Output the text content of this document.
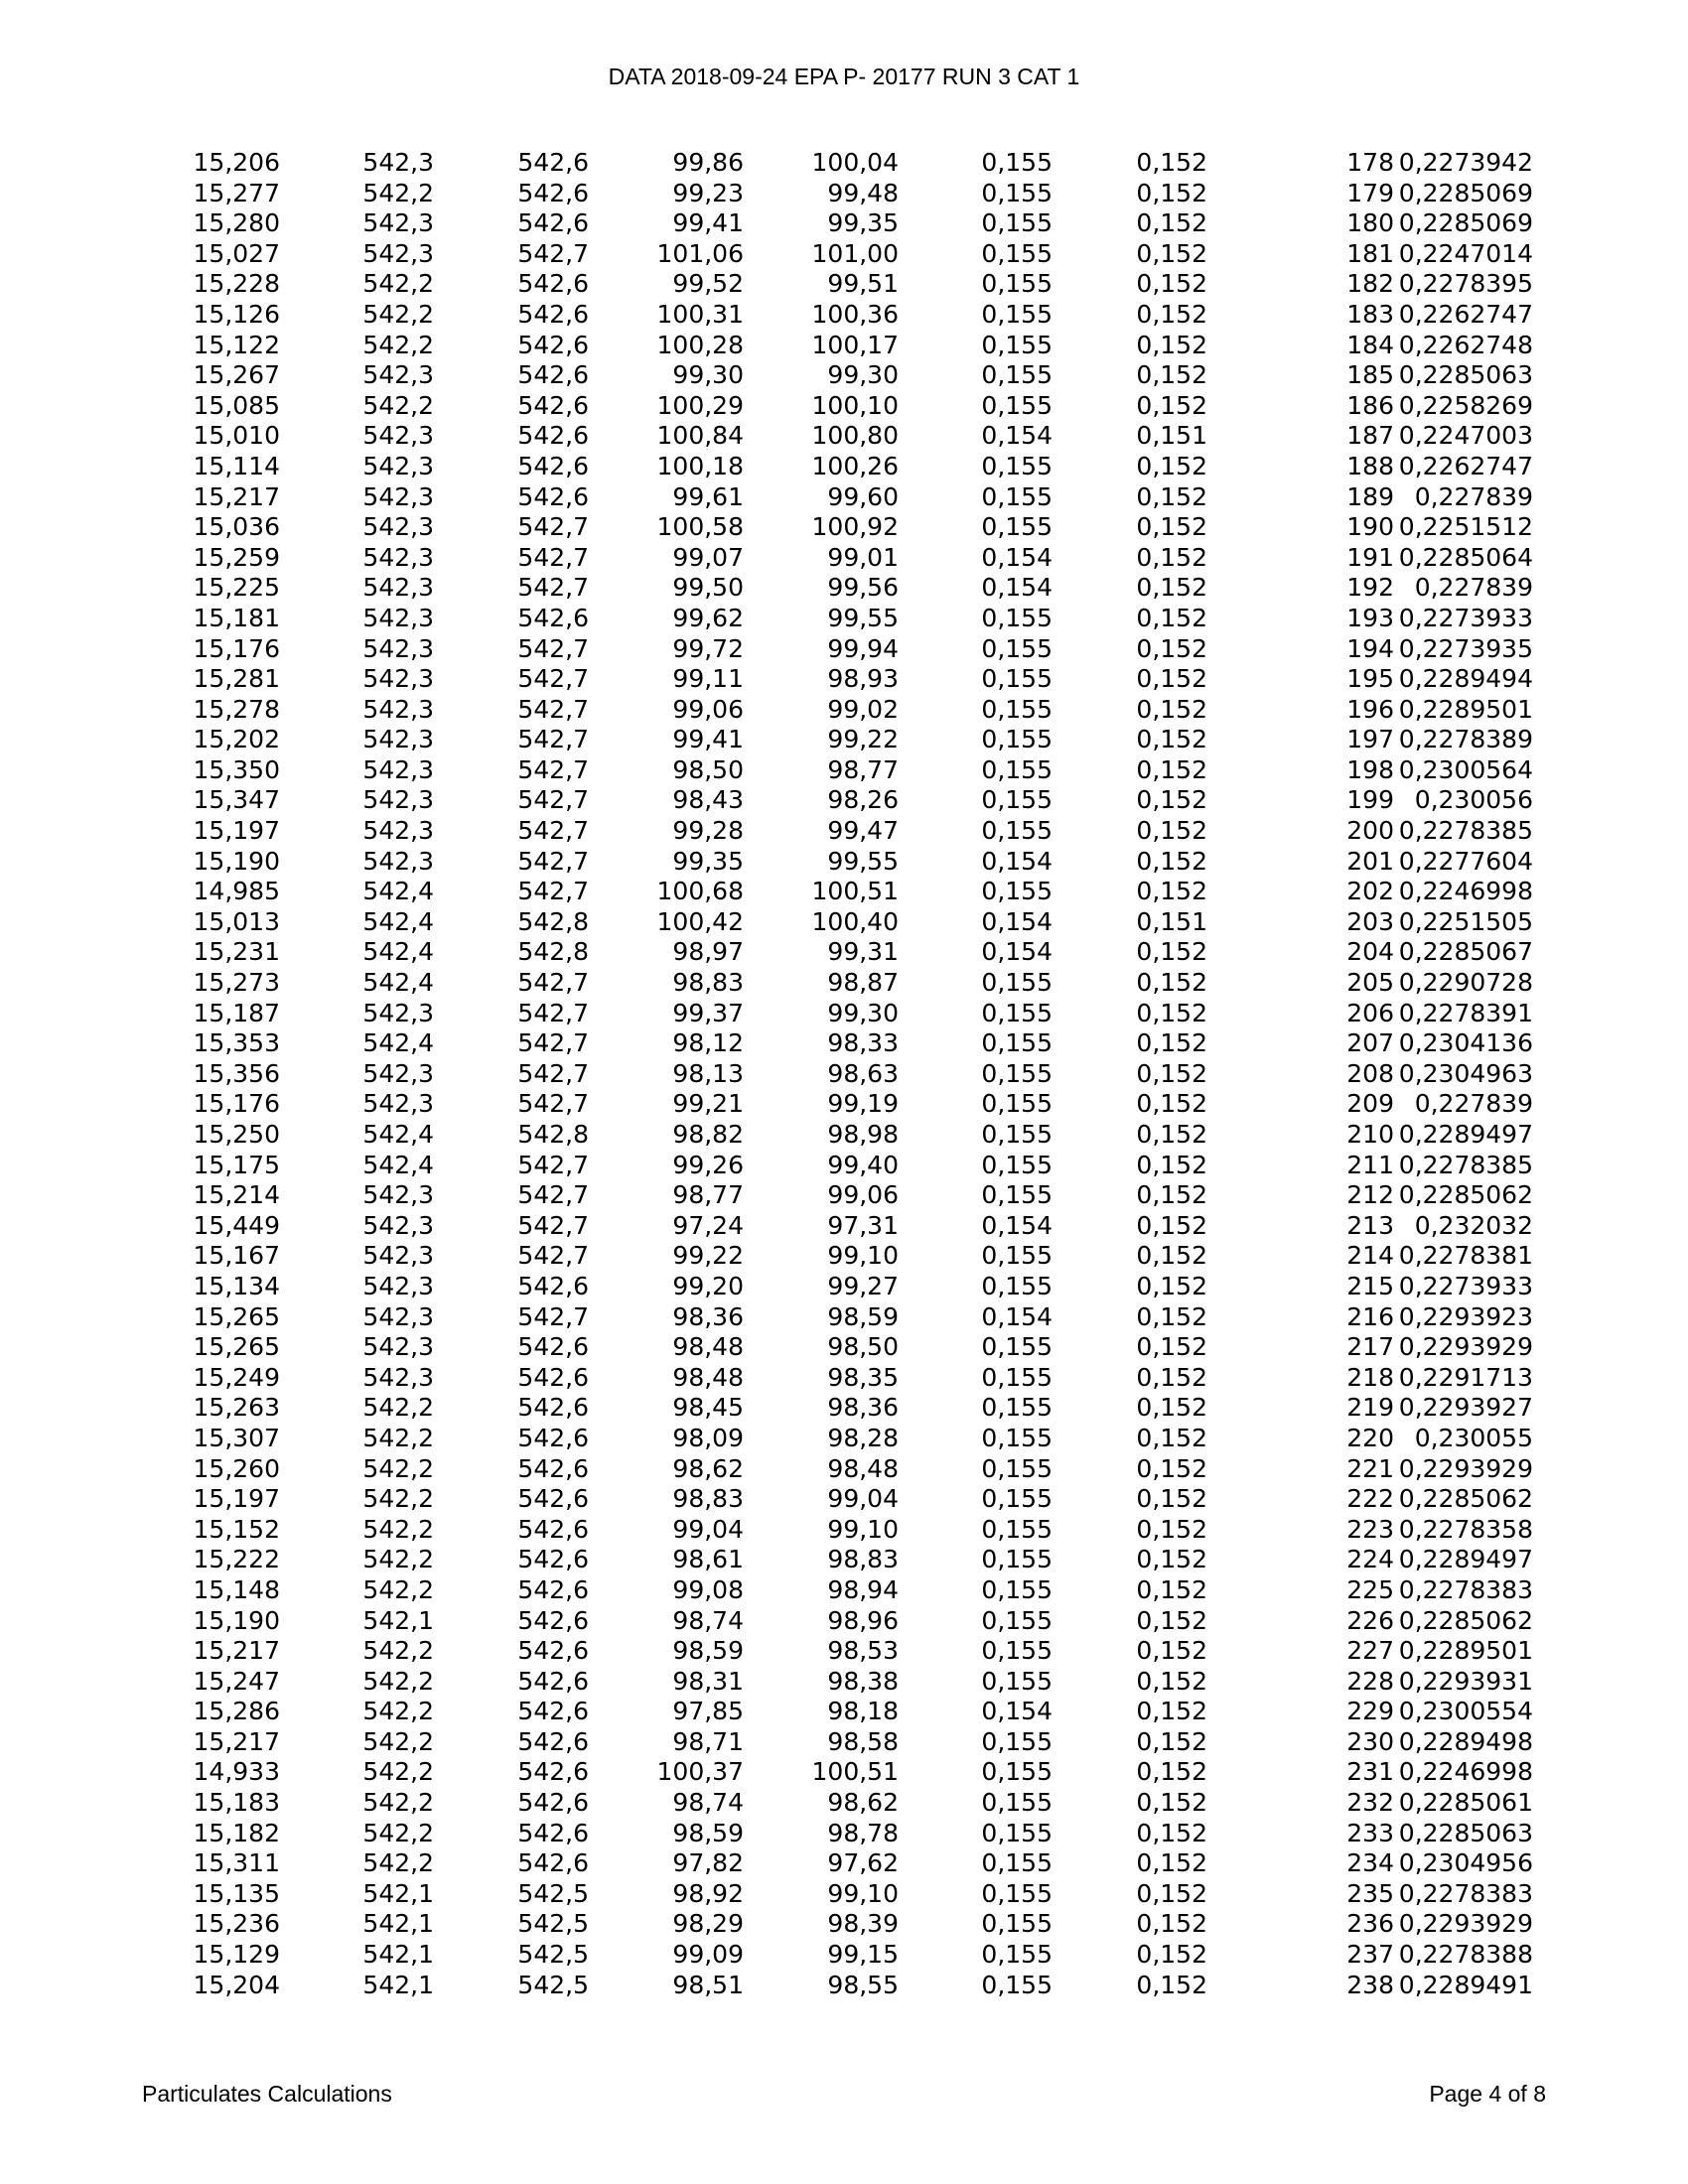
DATA 2018-09-24 EPA P- 20177 RUN 3 CAT 1
15,206	542,3	542,6	99,86	100,04	0,155	0,152	178	0,2273942
15,277	542,2	542,6	99,23	99,48	0,155	0,152	179	0,2285069
15,280	542,3	542,6	99,41	99,35	0,155	0,152	180	0,2285069
15,027	542,3	542,7	101,06	101,00	0,155	0,152	181	0,2247014
15,228	542,2	542,6	99,52	99,51	0,155	0,152	182	0,2278395
15,126	542,2	542,6	100,31	100,36	0,155	0,152	183	0,2262747
15,122	542,2	542,6	100,28	100,17	0,155	0,152	184	0,2262748
15,267	542,3	542,6	99,30	99,30	0,155	0,152	185	0,2285063
15,085	542,2	542,6	100,29	100,10	0,155	0,152	186	0,2258269
15,010	542,3	542,6	100,84	100,80	0,154	0,151	187	0,2247003
15,114	542,3	542,6	100,18	100,26	0,155	0,152	188	0,2262747
15,217	542,3	542,6	99,61	99,60	0,155	0,152	189	0,227839
15,036	542,3	542,7	100,58	100,92	0,155	0,152	190	0,2251512
15,259	542,3	542,7	99,07	99,01	0,154	0,152	191	0,2285064
15,225	542,3	542,7	99,50	99,56	0,154	0,152	192	0,227839
15,181	542,3	542,6	99,62	99,55	0,155	0,152	193	0,2273933
15,176	542,3	542,7	99,72	99,94	0,155	0,152	194	0,2273935
15,281	542,3	542,7	99,11	98,93	0,155	0,152	195	0,2289494
15,278	542,3	542,7	99,06	99,02	0,155	0,152	196	0,2289501
15,202	542,3	542,7	99,41	99,22	0,155	0,152	197	0,2278389
15,350	542,3	542,7	98,50	98,77	0,155	0,152	198	0,2300564
15,347	542,3	542,7	98,43	98,26	0,155	0,152	199	0,230056
15,197	542,3	542,7	99,28	99,47	0,155	0,152	200	0,2278385
15,190	542,3	542,7	99,35	99,55	0,154	0,152	201	0,2277604
14,985	542,4	542,7	100,68	100,51	0,155	0,152	202	0,2246998
15,013	542,4	542,8	100,42	100,40	0,154	0,151	203	0,2251505
15,231	542,4	542,8	98,97	99,31	0,154	0,152	204	0,2285067
15,273	542,4	542,7	98,83	98,87	0,155	0,152	205	0,2290728
15,187	542,3	542,7	99,37	99,30	0,155	0,152	206	0,2278391
15,353	542,4	542,7	98,12	98,33	0,155	0,152	207	0,2304136
15,356	542,3	542,7	98,13	98,63	0,155	0,152	208	0,2304963
15,176	542,3	542,7	99,21	99,19	0,155	0,152	209	0,227839
15,250	542,4	542,8	98,82	98,98	0,155	0,152	210	0,2289497
15,175	542,4	542,7	99,26	99,40	0,155	0,152	211	0,2278385
15,214	542,3	542,7	98,77	99,06	0,155	0,152	212	0,2285062
15,449	542,3	542,7	97,24	97,31	0,154	0,152	213	0,232032
15,167	542,3	542,7	99,22	99,10	0,155	0,152	214	0,2278381
15,134	542,3	542,6	99,20	99,27	0,155	0,152	215	0,2273933
15,265	542,3	542,7	98,36	98,59	0,154	0,152	216	0,2293923
15,265	542,3	542,6	98,48	98,50	0,155	0,152	217	0,2293929
15,249	542,3	542,6	98,48	98,35	0,155	0,152	218	0,2291713
15,263	542,2	542,6	98,45	98,36	0,155	0,152	219	0,2293927
15,307	542,2	542,6	98,09	98,28	0,155	0,152	220	0,230055
15,260	542,2	542,6	98,62	98,48	0,155	0,152	221	0,2293929
15,197	542,2	542,6	98,83	99,04	0,155	0,152	222	0,2285062
15,152	542,2	542,6	99,04	99,10	0,155	0,152	223	0,2278358
15,222	542,2	542,6	98,61	98,83	0,155	0,152	224	0,2289497
15,148	542,2	542,6	99,08	98,94	0,155	0,152	225	0,2278383
15,190	542,1	542,6	98,74	98,96	0,155	0,152	226	0,2285062
15,217	542,2	542,6	98,59	98,53	0,155	0,152	227	0,2289501
15,247	542,2	542,6	98,31	98,38	0,155	0,152	228	0,2293931
15,286	542,2	542,6	97,85	98,18	0,154	0,152	229	0,2300554
15,217	542,2	542,6	98,71	98,58	0,155	0,152	230	0,2289498
14,933	542,2	542,6	100,37	100,51	0,155	0,152	231	0,2246998
15,183	542,2	542,6	98,74	98,62	0,155	0,152	232	0,2285061
15,182	542,2	542,6	98,59	98,78	0,155	0,152	233	0,2285063
15,311	542,2	542,6	97,82	97,62	0,155	0,152	234	0,2304956
15,135	542,1	542,5	98,92	99,10	0,155	0,152	235	0,2278383
15,236	542,1	542,5	98,29	98,39	0,155	0,152	236	0,2293929
15,129	542,1	542,5	99,09	99,15	0,155	0,152	237	0,2278388
15,204	542,1	542,5	98,51	98,55	0,155	0,152	238	0,2289491
Particulates Calculations	Page 4 of 8
